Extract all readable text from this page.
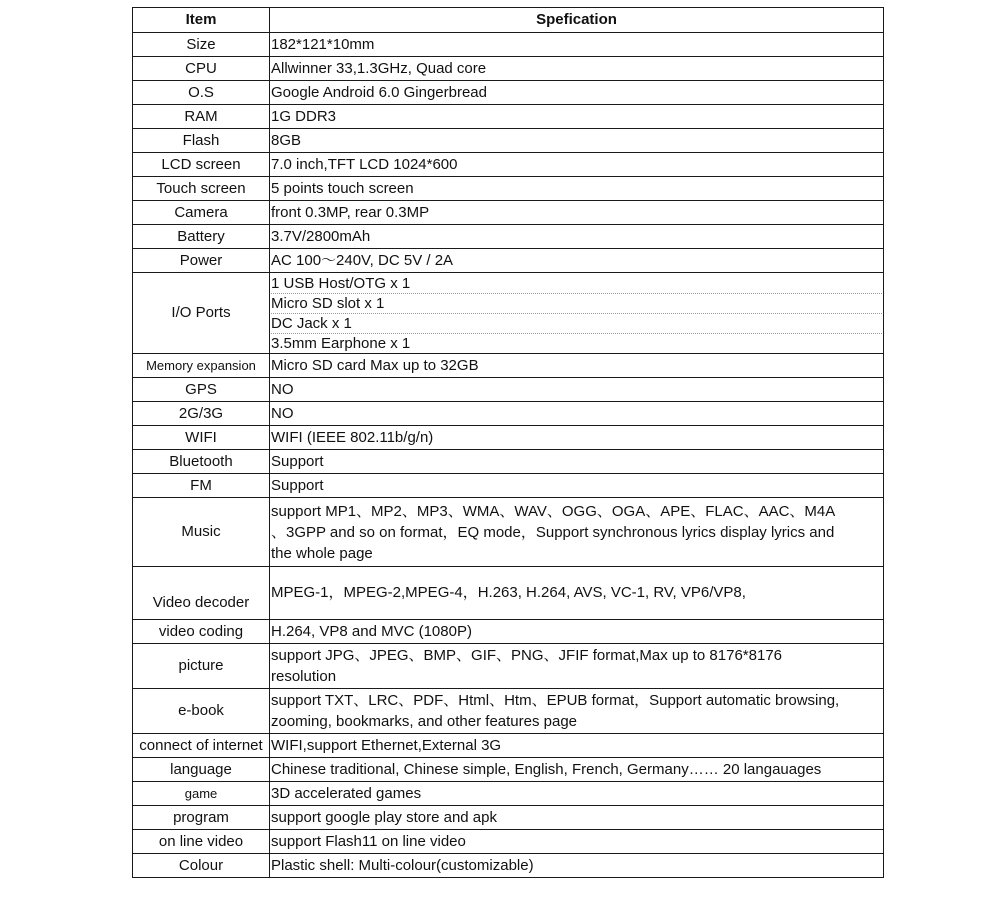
Item	Spefication
Size	182*121*10mm
CPU	Allwinner 33,1.3GHz, Quad core
O.S	Google Android 6.0 Gingerbread
RAM	1G DDR3
Flash	8GB
LCD screen	7.0 inch,TFT LCD 1024*600
Touch screen	5 points touch screen
Camera	front 0.3MP, rear 0.3MP
Battery	3.7V/2800mAh
Power	AC 100～240V, DC 5V / 2A
I/O Ports	1 USB Host/OTG x 1
Micro SD slot x 1
DC Jack x 1
3.5mm Earphone x 1

Memory expansion	Micro SD card Max up to 32GB
GPS	NO
2G/3G	NO
WIFI	WIFI (IEEE 802.11b/g/n)
Bluetooth	Support
FM	Support
Music	support MP1、MP2、MP3、WMA、WAV、OGG、OGA、APE、FLAC、AAC、M4A
、3GPP and so on format，EQ mode，Support synchronous lyrics display lyrics and
the whole page

Video decoder	MPEG-1，MPEG-2,MPEG-4，H.263, H.264, AVS, VC-1, RV, VP6/VP8,
video coding	H.264, VP8 and MVC (1080P)
picture	support JPG、JPEG、BMP、GIF、PNG、JFIF format,Max up to 8176*8176
resolution

e-book	support TXT、LRC、PDF、Html、Htm、EPUB format，Support automatic browsing,
zooming, bookmarks, and other features page

connect of internet	WIFI,support Ethernet,External 3G
language	Chinese traditional, Chinese simple, English, French, Germany…… 20 langauages
game	3D accelerated games
program	support google play store and apk
on line video	support Flash11 on line video
Colour	Plastic shell: Multi-colour(customizable)
